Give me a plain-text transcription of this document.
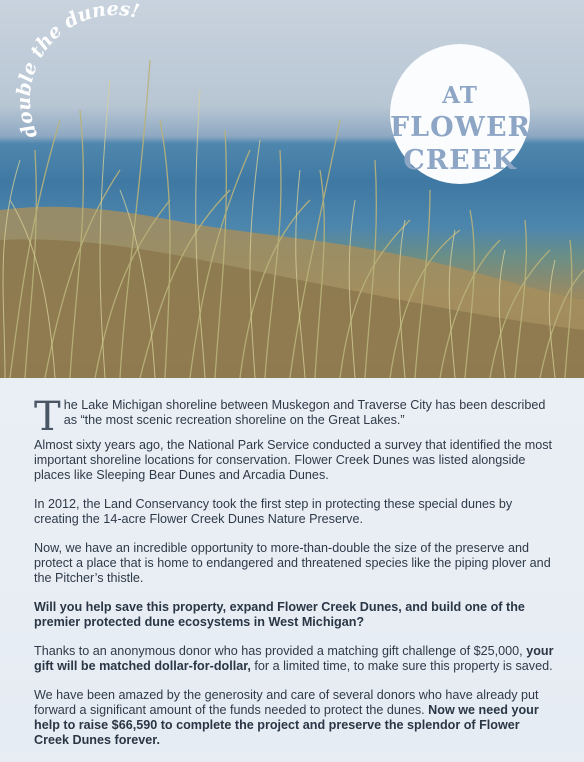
AT
FLOWER
CREEK
double the dunes!

The Lake Michigan shoreline between Muskegon and Traverse City has been described as “the most scenic recreation shoreline on the Great Lakes.”

Almost sixty years ago, the National Park Service conducted a survey that identified the most important shoreline locations for conservation. Flower Creek Dunes was listed alongside places like Sleeping Bear Dunes and Arcadia Dunes.

In 2012, the Land Conservancy took the first step in protecting these special dunes by creating the 14-acre Flower Creek Dunes Nature Preserve.

Now, we have an incredible opportunity to more-than-double the size of the preserve and protect a place that is home to endangered and threatened species like the piping plover and the Pitcher’s thistle.

Will you help save this property, expand Flower Creek Dunes, and build one of the premier protected dune ecosystems in West Michigan?

Thanks to an anonymous donor who has provided a matching gift challenge of $25,000, your gift will be matched dollar-for-dollar, for a limited time, to make sure this property is saved.

We have been amazed by the generosity and care of several donors who have already put forward a significant amount of the funds needed to protect the dunes. Now we need your help to raise $66,590 to complete the project and preserve the splendor of Flower Creek Dunes forever.
